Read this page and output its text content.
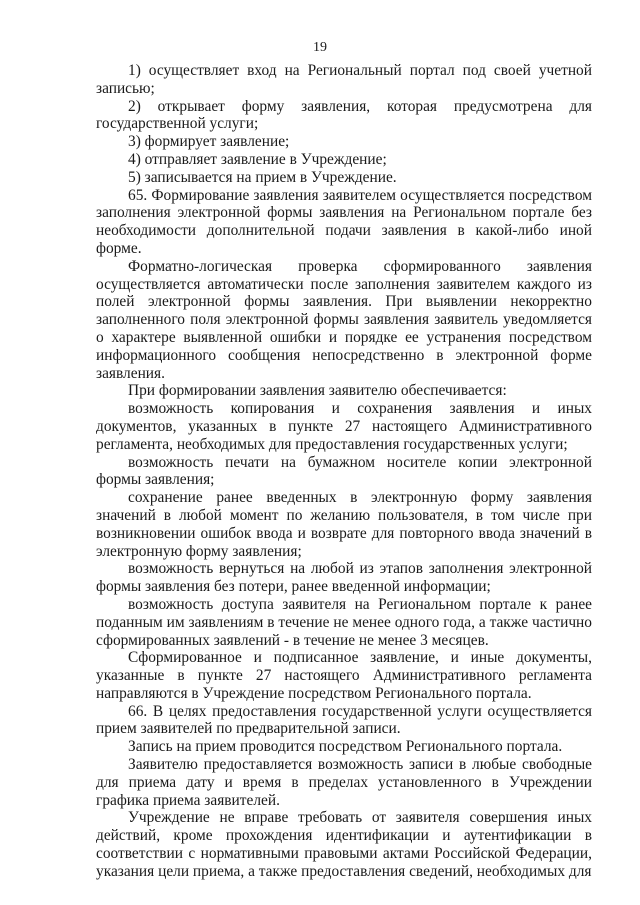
19

1) осуществляет вход на Региональный портал под своей учетной записью;

2) открывает форму заявления, которая предусмотрена для государственной услуги;

3) формирует заявление;

4) отправляет заявление в Учреждение;

5) записывается на прием в Учреждение.

65. Формирование заявления заявителем осуществляется посредством заполнения электронной формы заявления на Региональном портале без необходимости дополнительной подачи заявления в какой-либо иной форме.

Форматно-логическая проверка сформированного заявления осуществляется автоматически после заполнения заявителем каждого из полей электронной формы заявления. При выявлении некорректно заполненного поля электронной формы заявления заявитель уведомляется о характере выявленной ошибки и порядке ее устранения посредством информационного сообщения непосредственно в электронной форме заявления.

При формировании заявления заявителю обеспечивается:

возможность копирования и сохранения заявления и иных документов, указанных в пункте 27 настоящего Административного регламента, необходимых для предоставления государственных услуги;

возможность печати на бумажном носителе копии электронной формы заявления;

сохранение ранее введенных в электронную форму заявления значений в любой момент по желанию пользователя, в том числе при возникновении ошибок ввода и возврате для повторного ввода значений в электронную форму заявления;

возможность вернуться на любой из этапов заполнения электронной формы заявления без потери, ранее введенной информации;

возможность доступа заявителя на Региональном портале к ранее поданным им заявлениям в течение не менее одного года, а также частично сформированных заявлений - в течение не менее 3 месяцев.

Сформированное и подписанное заявление, и иные документы, указанные в пункте 27 настоящего Административного регламента направляются в Учреждение посредством Регионального портала.

66. В целях предоставления государственной услуги осуществляется прием заявителей по предварительной записи.

Запись на прием проводится посредством Регионального портала.

Заявителю предоставляется возможность записи в любые свободные для приема дату и время в пределах установленного в Учреждении графика приема заявителей.

Учреждение не вправе требовать от заявителя совершения иных действий, кроме прохождения идентификации и аутентификации в соответствии с нормативными правовыми актами Российской Федерации, указания цели приема, а также предоставления сведений, необходимых для
